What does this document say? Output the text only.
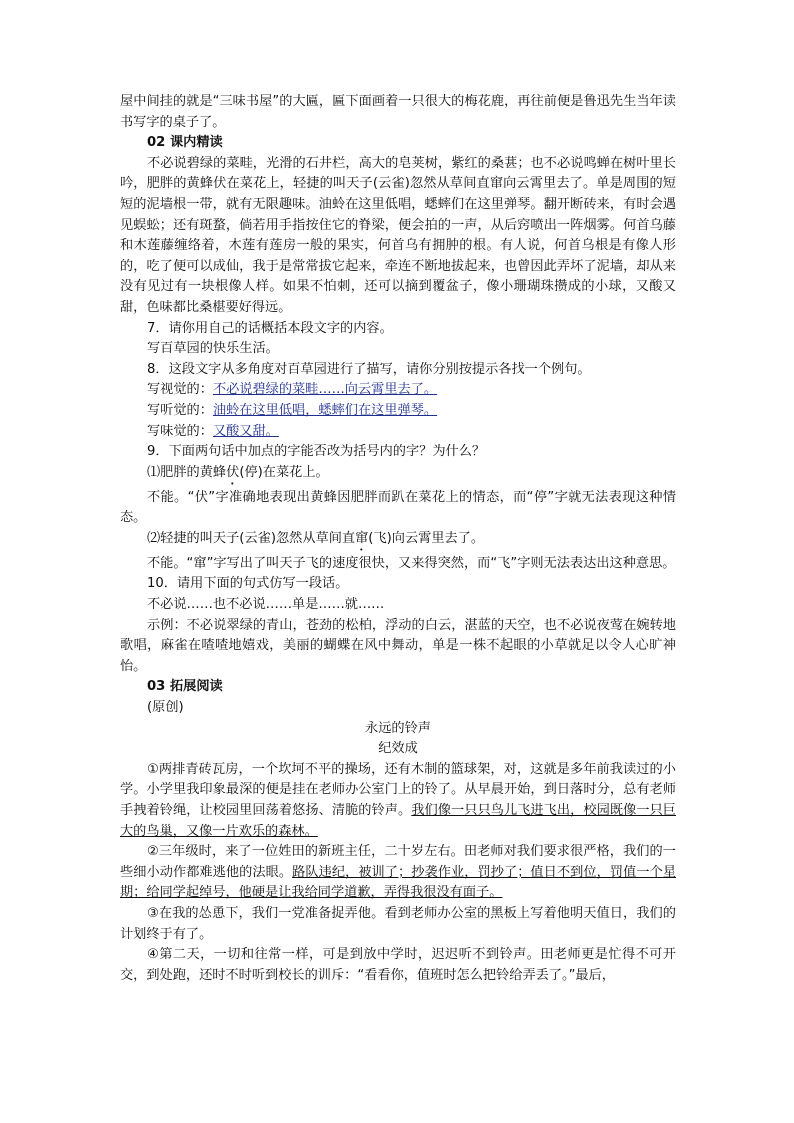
屋中间挂的就是“三味书屋”的大匾，匾下面画着一只很大的梅花鹿，再往前便是鲁迅先生当年读书写字的桌子了。

02 课内精读

不必说碧绿的菜畦，光滑的石井栏，高大的皂荚树，紫红的桑葚；也不必说鸣蝉在树叶里长吟，肥胖的黄蜂伏在菜花上，轻捷的叫天子(云雀)忽然从草间直窜向云霄里去了。单是周围的短短的泥墙根一带，就有无限趣味。油蛉在这里低唱，蟋蟀们在这里弹琴。翻开断砖来，有时会遇见蜈蚣；还有斑蝥，倘若用手指按住它的脊梁，便会拍的一声，从后窍喷出一阵烟雾。何首乌藤和木莲藤缠络着，木莲有莲房一般的果实，何首乌有拥肿的根。有人说，何首乌根是有像人形的，吃了便可以成仙，我于是常常拔它起来，牵连不断地拔起来，也曾因此弄坏了泥墙，却从来没有见过有一块根像人样。如果不怕刺，还可以摘到覆盆子，像小珊瑚珠攒成的小球，又酸又甜，色味都比桑椹要好得远。

7．请你用自己的话概括本段文字的内容。

写百草园的快乐生活。

8．这段文字从多角度对百草园进行了描写，请你分别按提示各找一个例句。

写视觉的：不必说碧绿的菜畦……向云霄里去了。

写听觉的：油蛉在这里低唱，蟋蟀们在这里弹琴。

写味觉的：又酸又甜。

9．下面两句话中加点的字能否改为括号内的字？为什么？

⑴肥胖的黄蜂伏(停)在菜花上。

不能。“伏”字准确地表现出黄蜂因肥胖而趴在菜花上的情态，而“停”字就无法表现这种情态。

⑵轻捷的叫天子(云雀)忽然从草间直窜(飞)向云霄里去了。

不能。“窜”字写出了叫天子飞的速度很快，又来得突然，而“飞”字则无法表达出这种意思。

10．请用下面的句式仿写一段话。

不必说……也不必说……单是……就……

示例：不必说翠绿的青山，苍劲的松柏，浮动的白云，湛蓝的天空，也不必说夜莺在婉转地歌唱，麻雀在喳喳地嬉戏，美丽的蝴蝶在风中舞动，单是一株不起眼的小草就足以令人心旷神怡。

03 拓展阅读

(原创)

永远的铃声

纪效成

①两排青砖瓦房，一个坎坷不平的操场，还有木制的篮球架，对，这就是多年前我读过的小学。小学里我印象最深的便是挂在老师办公室门上的铃了。从早晨开始，到日落时分，总有老师手拽着铃绳，让校园里回荡着悠扬、清脆的铃声。我们像一只只鸟儿飞进飞出，校园既像一只巨大的鸟巢，又像一片欢乐的森林。

②三年级时，来了一位姓田的新班主任，二十岁左右。田老师对我们要求很严格，我们的一些细小动作都难逃他的法眼。路队违纪，被训了；抄袭作业，罚抄了；值日不到位，罚值一个星期；给同学起绰号，他硬是让我给同学道歉，弄得我很没有面子。

③在我的怂恿下，我们一党准备捉弄他。看到老师办公室的黑板上写着他明天值日，我们的计划终于有了。

④第二天，一切和往常一样，可是到放中学时，迟迟听不到铃声。田老师更是忙得不可开交，到处跑，还时不时听到校长的训斥：“看看你，值班时怎么把铃给弄丢了。”最后，
